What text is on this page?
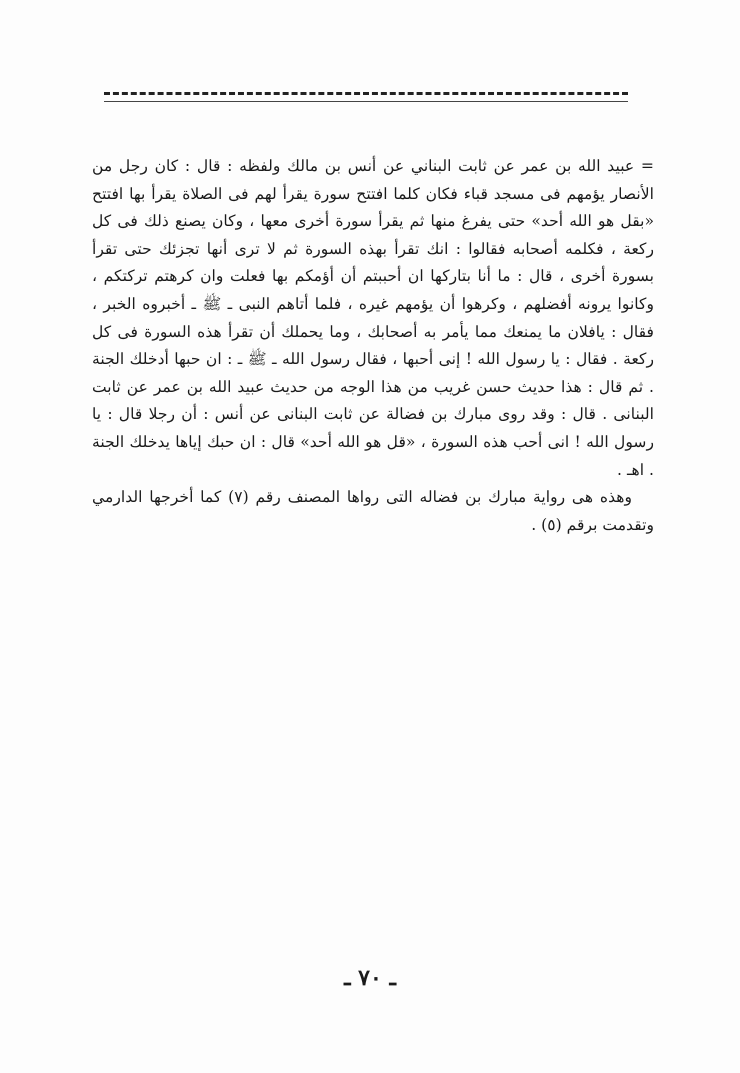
= عبيد الله بن عمر عن ثابت البناني عن أنس بن مالك ولفظه : قال : كان رجل من الأنصار يؤمهم فى مسجد قباء فكان كلما افتتح سورة يقرأ لهم فى الصلاة يقرأ بها افتتح «بقل هو الله أحد» حتى يفرغ منها ثم يقرأ سورة أخرى معها ، وكان يصنع ذلك فى كل ركعة ، فكلمه أصحابه فقالوا : انك تقرأ بهذه السورة ثم لا ترى أنها تجزئك حتى تقرأ بسورة أخرى ، قال : ما أنا بتاركها ان أحببتم أن أؤمكم بها فعلت وان كرهتم تركتكم ، وكانوا يرونه أفضلهم ، وكرهوا أن يؤمهم غيره ، فلما أتاهم النبى ـ ﷺ ـ أخبروه الخبر ، فقال : يافلان ما يمنعك مما يأمر به أصحابك ، وما يحملك أن تقرأ هذه السورة فى كل ركعة . فقال : يا رسول الله ! إنى أحبها ، فقال رسول الله ـ ﷺ ـ : ان حبها أدخلك الجنة . ثم قال : هذا حديث حسن غريب من هذا الوجه من حديث عبيد الله بن عمر عن ثابت البنانى . قال : وقد روى مبارك بن فضالة عن ثابت البنانى عن أنس : أن رجلا قال : يا رسول الله ! انى أحب هذه السورة ، «قل هو الله أحد» قال : ان حبك إياها يدخلك الجنة . اهـ .

وهذه هى رواية مبارك بن فضاله التى رواها المصنف رقم (٧) كما أخرجها الدارمي وتقدمت برقم (٥) .

ـ ٧٠ ـ
